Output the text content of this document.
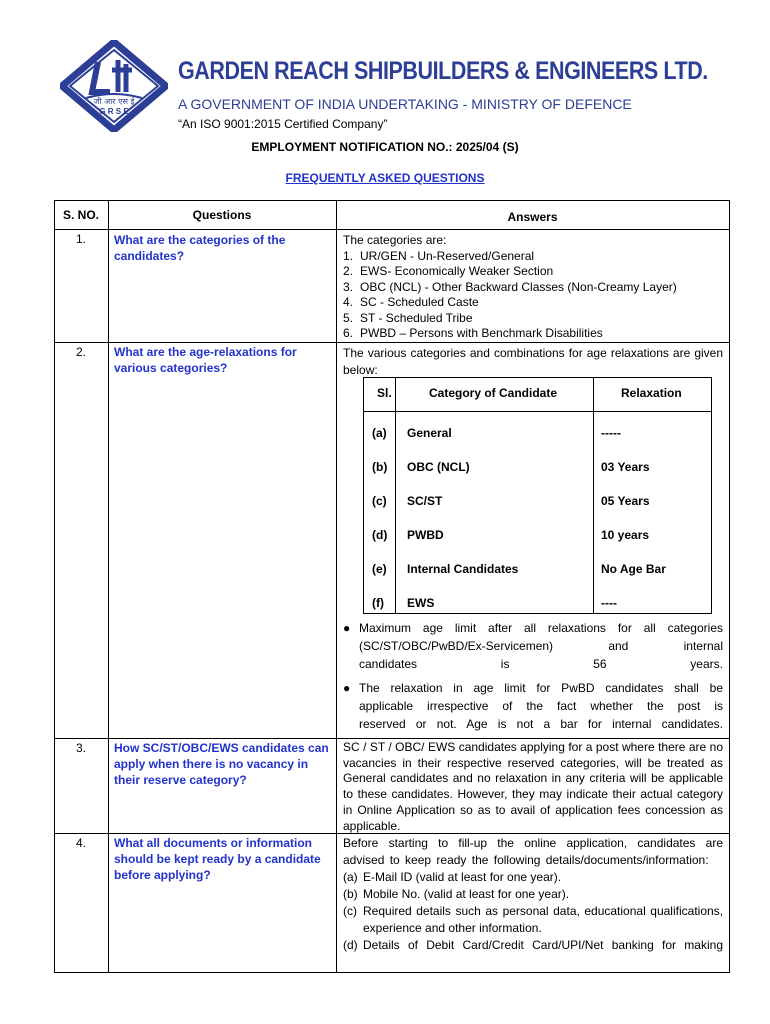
जी आर एस ई
G R S E
GARDEN REACH SHIPBUILDERS & ENGINEERS LTD.
A GOVERNMENT OF INDIA UNDERTAKING - MINISTRY OF DEFENCE
“An ISO 9001:2015 Certified Company”
EMPLOYMENT NOTIFICATION NO.: 2025/04 (S)
FREQUENTLY ASKED QUESTIONS
S. NO.	Questions	Answers
1.	What are the categories of the candidates?
The categories are:
1. UR/GEN - Un-Reserved/General
2. EWS- Economically Weaker Section
3. OBC (NCL) - Other Backward Classes (Non-Creamy Layer)
4. SC - Scheduled Caste
5. ST - Scheduled Tribe
6. PWBD – Persons with Benchmark Disabilities
2.	What are the age-relaxations for various categories?
The various categories and combinations for age relaxations are given below:
Sl.	Category of Candidate	Relaxation
(a) General	-----
(b) OBC (NCL)	03 Years
(c) SC/ST	05 Years
(d) PWBD	10 years
(e) Internal Candidates	No Age Bar
(f) EWS	----
● Maximum age limit after all relaxations for all categories
(SC/ST/OBC/PwBD/Ex-Servicemen) and internal
candidates is 56 years.
● The relaxation in age limit for PwBD candidates shall be
applicable irrespective of the fact whether the post is
reserved or not. Age is not a bar for internal candidates.
3.	How SC/ST/OBC/EWS candidates can apply when there is no vacancy in their reserve category?
SC / ST / OBC/ EWS candidates applying for a post where there are no vacancies in their respective reserved categories, will be treated as General candidates and no relaxation in any criteria will be applicable to these candidates. However, they may indicate their actual category in Online Application so as to avail of application fees concession as applicable.
4.	What all documents or information should be kept ready by a candidate before applying?
Before starting to fill-up the online application, candidates are advised to keep ready the following details/documents/information:
(a) E-Mail ID (valid at least for one year).
(b) Mobile No. (valid at least for one year).
(c) Required details such as personal data, educational qualifications, experience and other information.
(d) Details of Debit Card/Credit Card/UPI/Net banking for making
